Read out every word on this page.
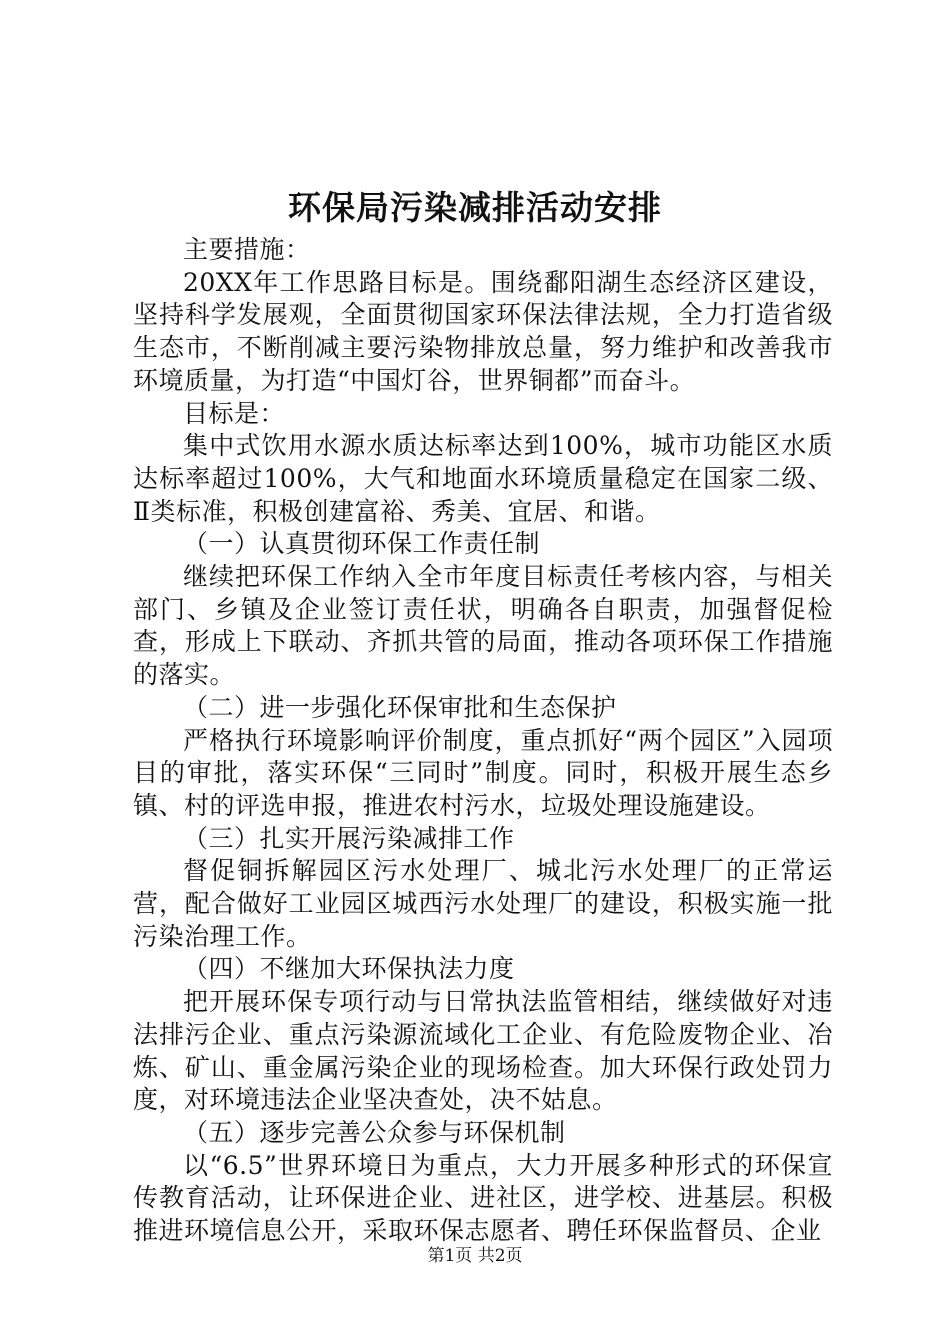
环保局污染减排活动安排

主要措施：

20XX年工作思路目标是。围绕鄱阳湖生态经济区建设，坚持科学发展观，全面贯彻国家环保法律法规，全力打造省级生态市，不断削减主要污染物排放总量，努力维护和改善我市环境质量，为打造“中国灯谷，世界铜都”而奋斗。

目标是：

集中式饮用水源水质达标率达到100%，城市功能区水质达标率超过100%，大气和地面水环境质量稳定在国家二级、Ⅱ类标准，积极创建富裕、秀美、宜居、和谐。

（一）认真贯彻环保工作责任制

继续把环保工作纳入全市年度目标责任考核内容，与相关部门、乡镇及企业签订责任状，明确各自职责，加强督促检查，形成上下联动、齐抓共管的局面，推动各项环保工作措施的落实。

（二）进一步强化环保审批和生态保护

严格执行环境影响评价制度，重点抓好“两个园区”入园项目的审批，落实环保“三同时”制度。同时，积极开展生态乡镇、村的评选申报，推进农村污水，垃圾处理设施建设。

（三）扎实开展污染减排工作

督促铜拆解园区污水处理厂、城北污水处理厂的正常运营，配合做好工业园区城西污水处理厂的建设，积极实施一批污染治理工作。

（四）不继加大环保执法力度

把开展环保专项行动与日常执法监管相结，继续做好对违法排污企业、重点污染源流域化工企业、有危险废物企业、冶炼、矿山、重金属污染企业的现场检查。加大环保行政处罚力度，对环境违法企业坚决查处，决不姑息。

（五）逐步完善公众参与环保机制

以“6.5”世界环境日为重点，大力开展多种形式的环保宣传教育活动，让环保进企业、进社区，进学校、进基层。积极推进环境信息公开，采取环保志愿者、聘任环保监督员、企业

第1页 共2页
